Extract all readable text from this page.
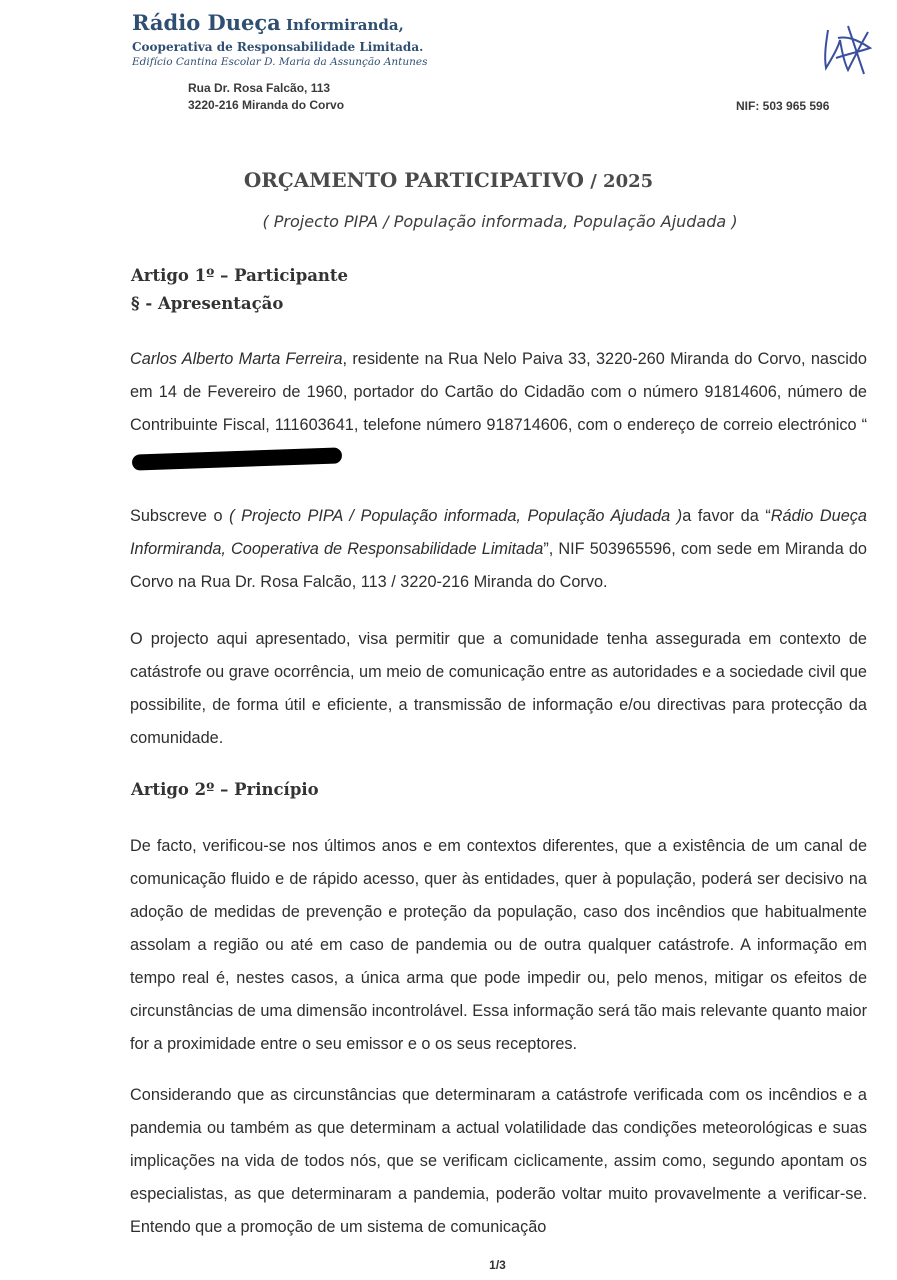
Rádio Dueça Informiranda,
Cooperativa de Responsabilidade Limitada.
Edifício Cantina Escolar D. Maria da Assunção Antunes
Rua Dr. Rosa Falcão, 113
3220-216 Miranda do Corvo	NIF: 503 965 596
ORÇAMENTO PARTICIPATIVO / 2025
( Projecto PIPA / População informada, População Ajudada )
Artigo 1º – Participante
§ - Apresentação
Carlos Alberto Marta Ferreira, residente na Rua Nelo Paiva 33, 3220-260 Miranda do Corvo, nascido em 14 de Fevereiro de 1960, portador do Cartão do Cidadão com o número 91814606, número de Contribuinte Fiscal, 111603641, telefone número 918714606, com o endereço de correio electrónico “
Subscreve o ( Projecto PIPA / População informada, População Ajudada )a favor da “Rádio Dueça Informiranda, Cooperativa de Responsabilidade Limitada”, NIF 503965596, com sede em Miranda do Corvo na Rua Dr. Rosa Falcão, 113 / 3220-216 Miranda do Corvo.
O projecto aqui apresentado, visa permitir que a comunidade tenha assegurada em contexto de catástrofe ou grave ocorrência, um meio de comunicação entre as autoridades e a sociedade civil que possibilite, de forma útil e eficiente, a transmissão de informação e/ou directivas para protecção da comunidade.
Artigo 2º – Princípio
De facto, verificou-se nos últimos anos e em contextos diferentes, que a existência de um canal de comunicação fluido e de rápido acesso, quer às entidades, quer à população, poderá ser decisivo na adoção de medidas de prevenção e proteção da população, caso dos incêndios que habitualmente assolam a região ou até em caso de pandemia ou de outra qualquer catástrofe. A informação em tempo real é, nestes casos, a única arma que pode impedir ou, pelo menos, mitigar os efeitos de circunstâncias de uma dimensão incontrolável. Essa informação será tão mais relevante quanto maior for a proximidade entre o seu emissor e o os seus receptores.
Considerando que as circunstâncias que determinaram a catástrofe verificada com os incêndios e a pandemia ou também as que determinam a actual volatilidade das condições meteorológicas e suas implicações na vida de todos nós, que se verificam ciclicamente, assim como, segundo apontam os especialistas, as que determinaram a pandemia, poderão voltar muito provavelmente a verificar-se. Entendo que a promoção de um sistema de comunicação
1/3
